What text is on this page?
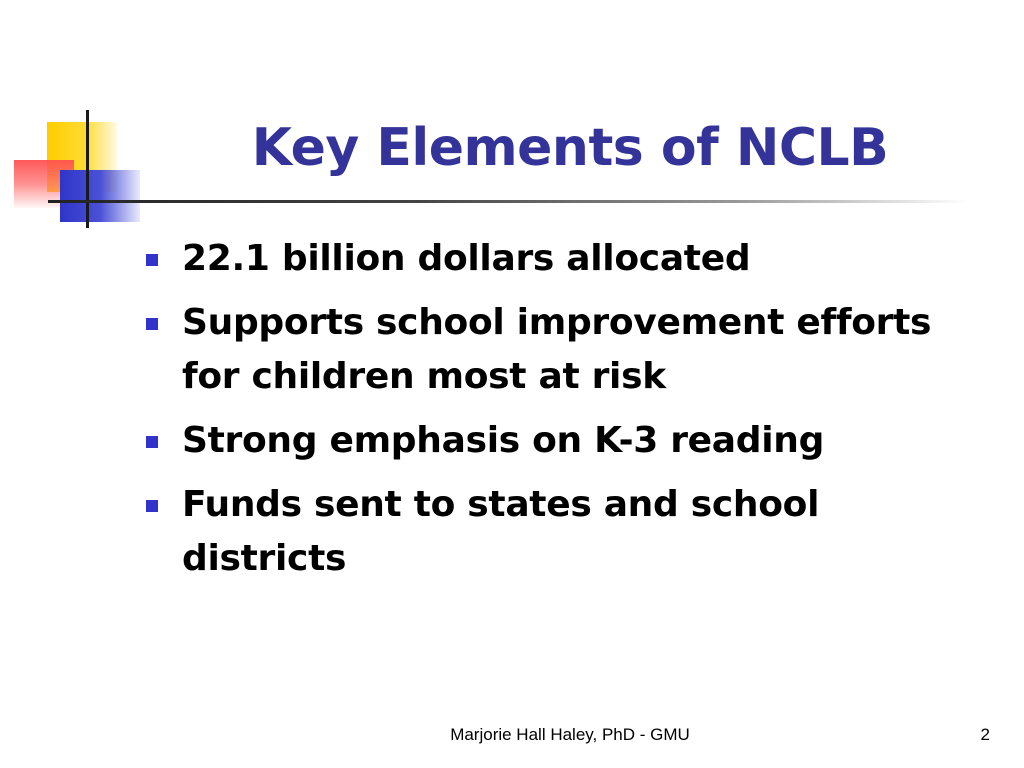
Key Elements of NCLB
22.1 billion dollars allocated
Supports school improvement efforts for children most at risk
Strong emphasis on K-3 reading
Funds sent to states and school districts
Marjorie Hall Haley, PhD - GMU	2
